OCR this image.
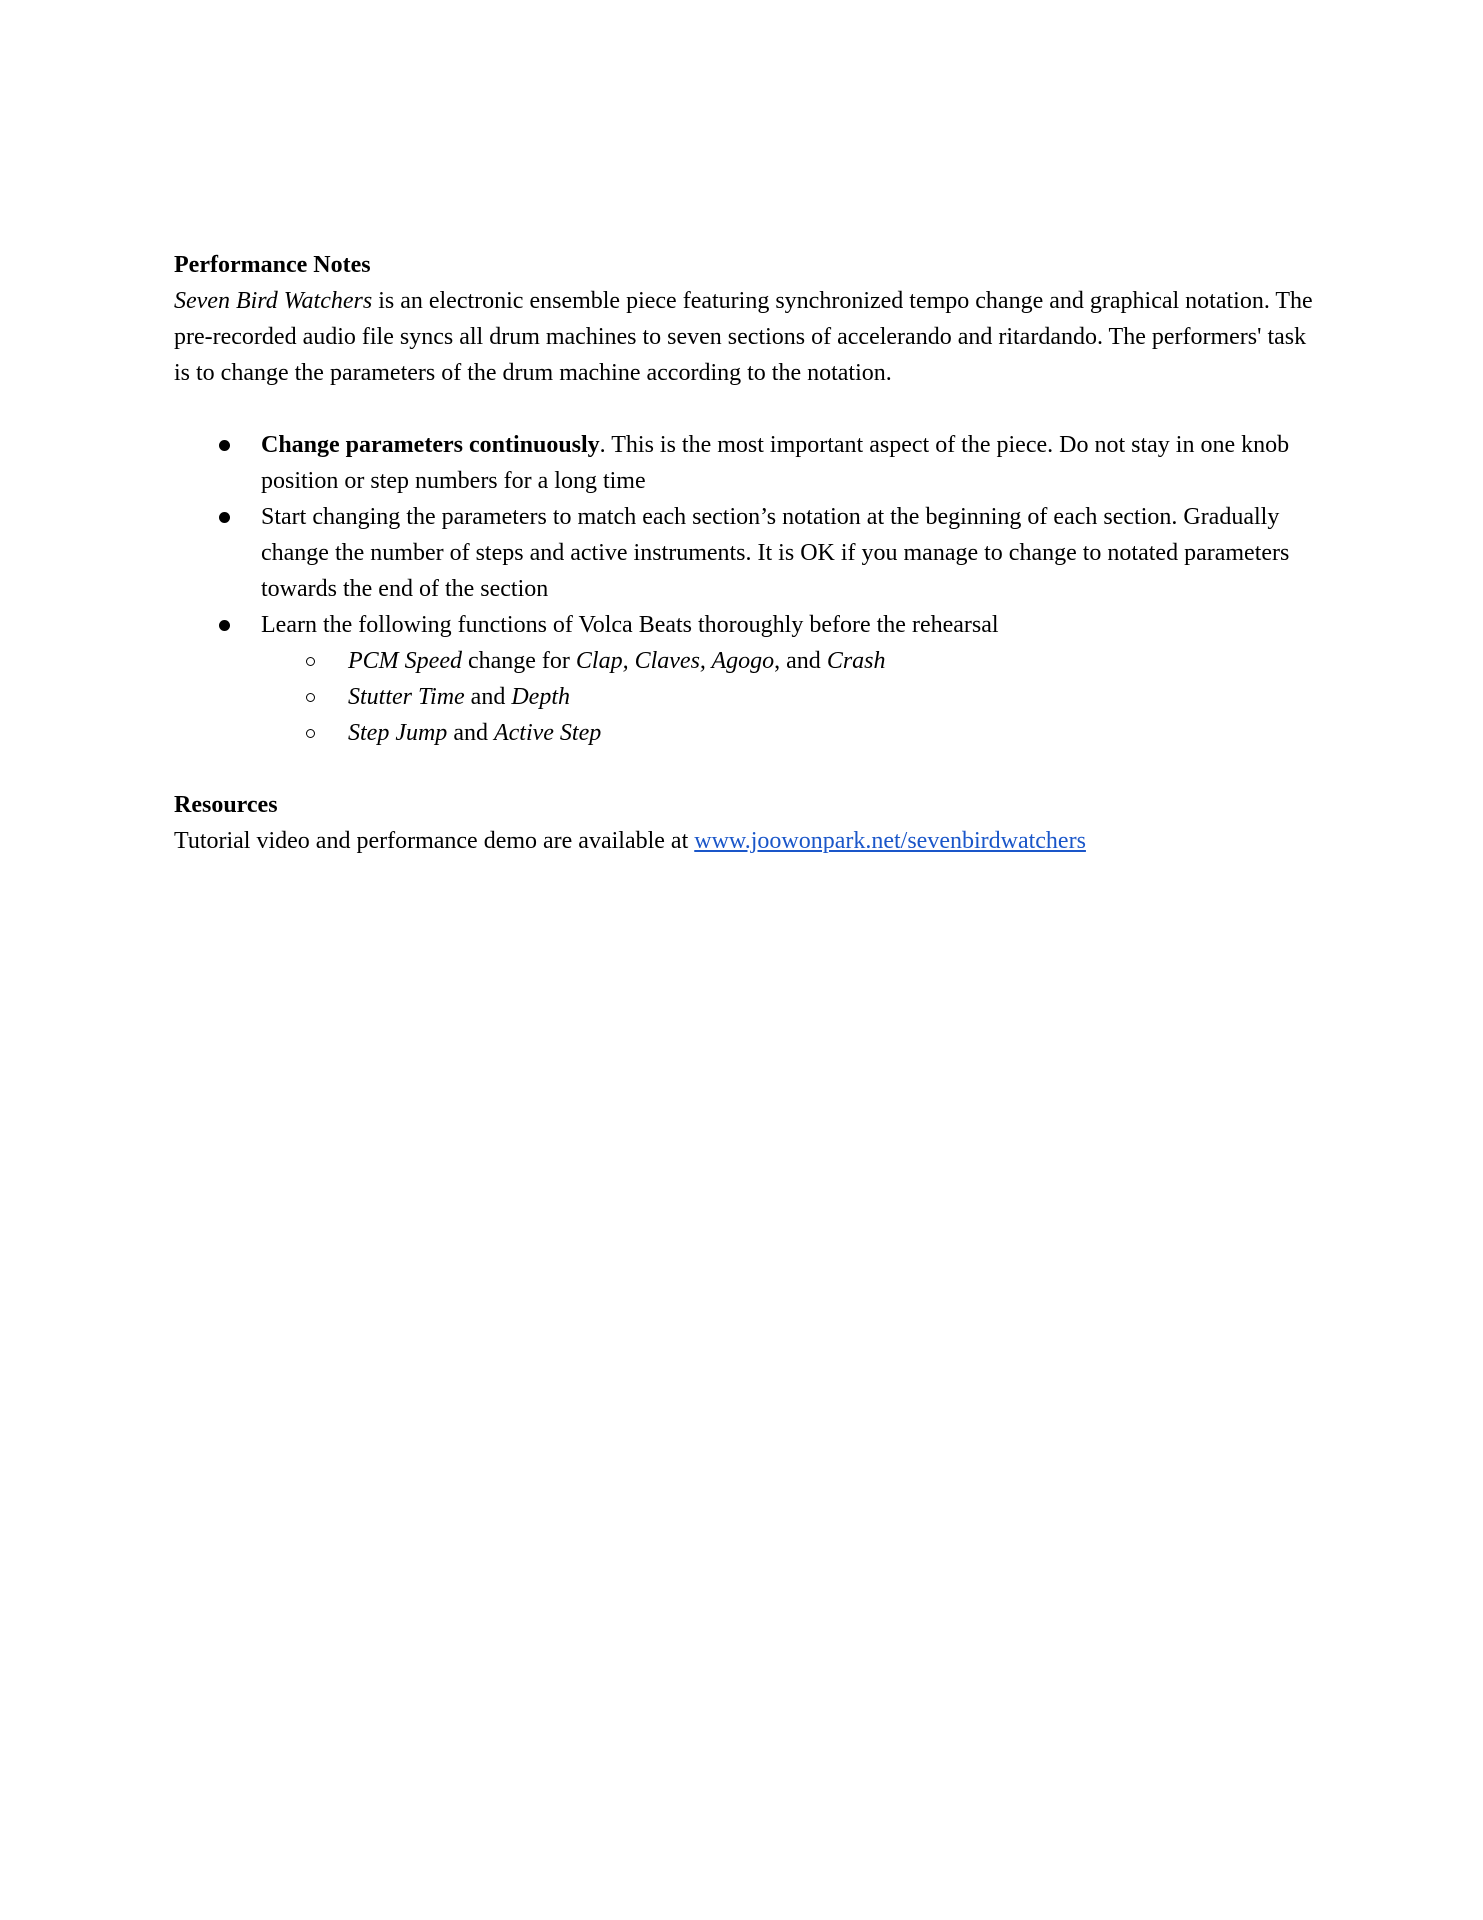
Performance Notes

Seven Bird Watchers is an electronic ensemble piece featuring synchronized tempo change and graphical notation. The pre-recorded audio file syncs all drum machines to seven sections of accelerando and ritardando. The performers' task is to change the parameters of the drum machine according to the notation.

Change parameters continuously. This is the most important aspect of the piece. Do not stay in one knob position or step numbers for a long time
Start changing the parameters to match each section’s notation at the beginning of each section. Gradually change the number of steps and active instruments. It is OK if you manage to change to notated parameters towards the end of the section
Learn the following functions of Volca Beats thoroughly before the rehearsal
PCM Speed change for Clap, Claves, Agogo, and Crash
Stutter Time and Depth
Step Jump and Active Step

Resources

Tutorial video and performance demo are available at www.joowonpark.net/sevenbirdwatchers
